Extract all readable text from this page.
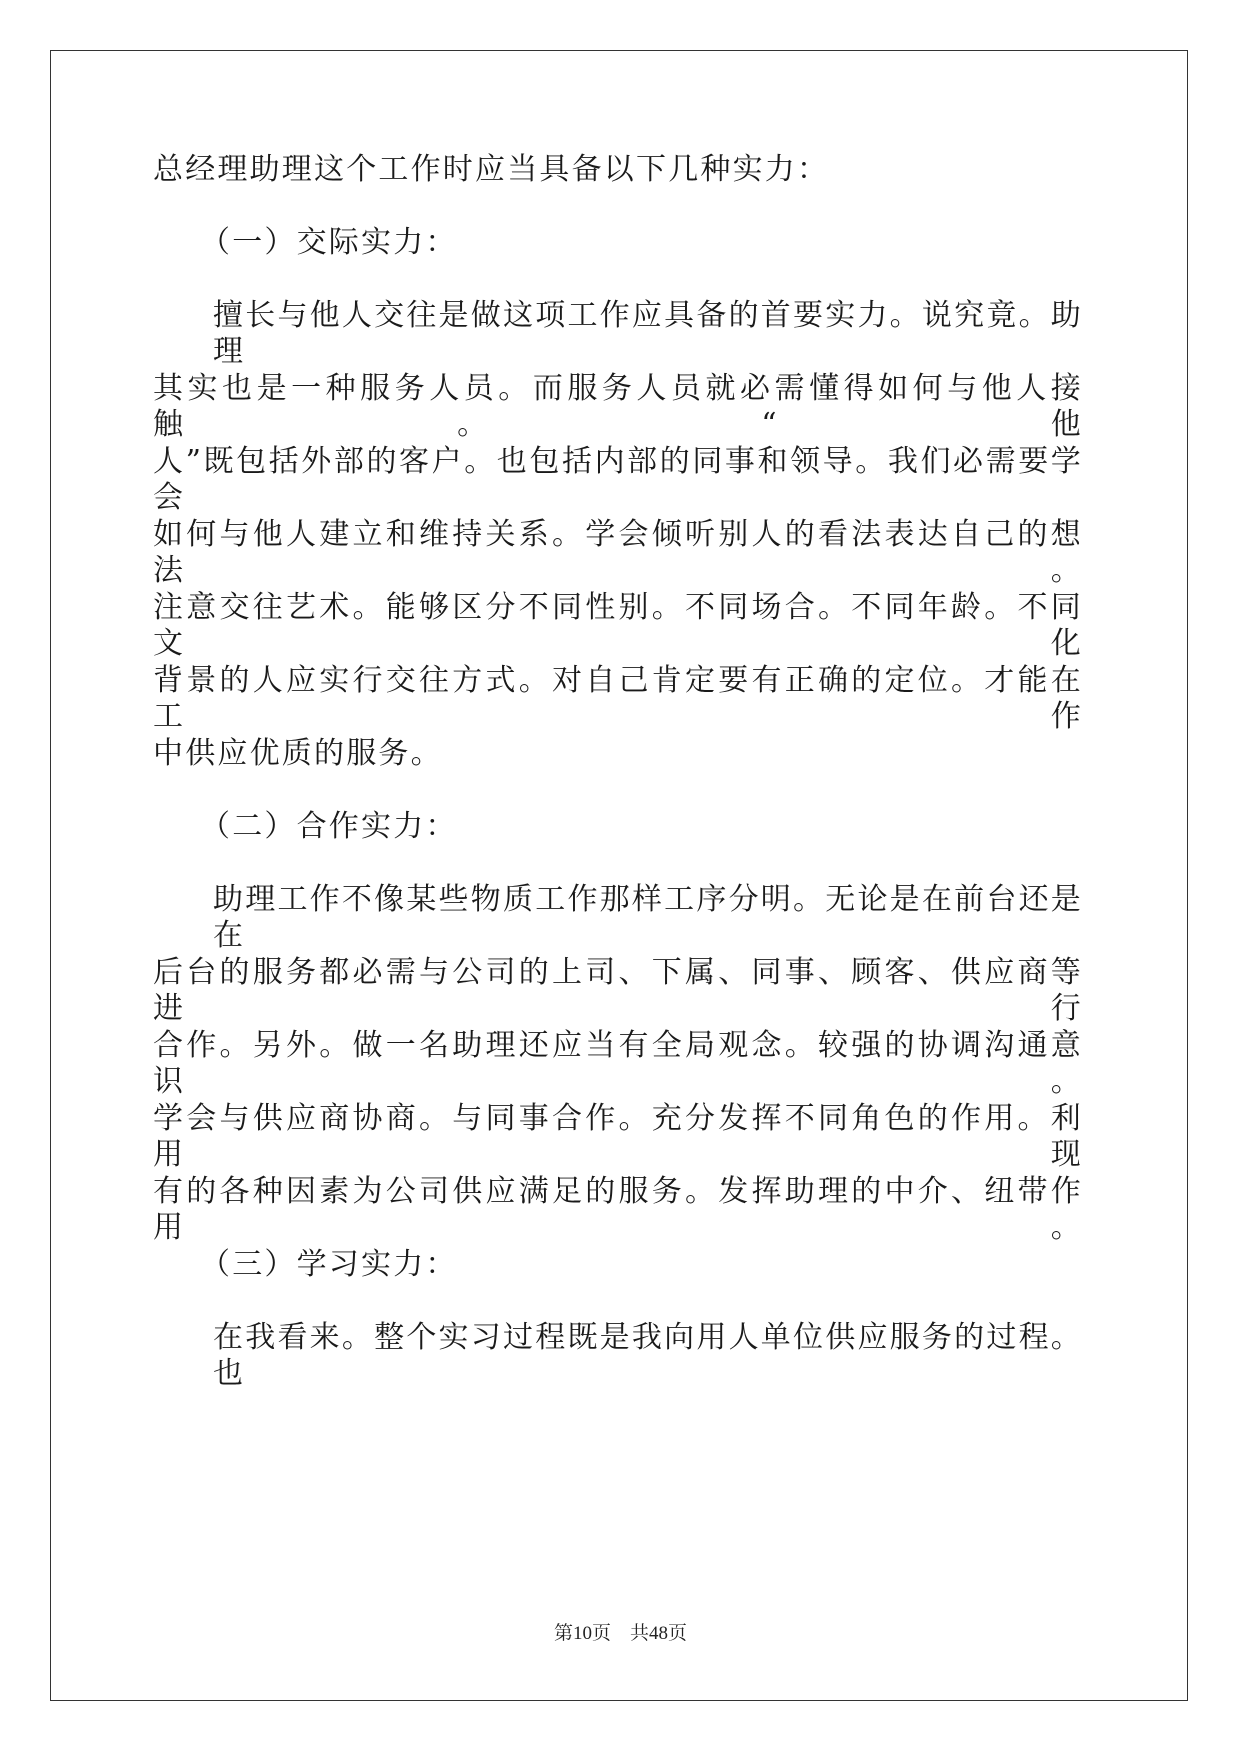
总经理助理这个工作时应当具备以下几种实力：
（一）交际实力：
擅长与他人交往是做这项工作应具备的首要实力。说究竟。助理
其实也是一种服务人员。而服务人员就必需懂得如何与他人接触。“他
人”既包括外部的客户。也包括内部的同事和领导。我们必需要学会
如何与他人建立和维持关系。学会倾听别人的看法表达自己的想法。
注意交往艺术。能够区分不同性别。不同场合。不同年龄。不同文化
背景的人应实行交往方式。对自己肯定要有正确的定位。才能在工作
中供应优质的服务。
（二）合作实力：
助理工作不像某些物质工作那样工序分明。无论是在前台还是在
后台的服务都必需与公司的上司、下属、同事、顾客、供应商等进行
合作。另外。做一名助理还应当有全局观念。较强的协调沟通意识。
学会与供应商协商。与同事合作。充分发挥不同角色的作用。利用现
有的各种因素为公司供应满足的服务。发挥助理的中介、纽带作用。
（三）学习实力：
在我看来。整个实习过程既是我向用人单位供应服务的过程。也
第10页　共48页
